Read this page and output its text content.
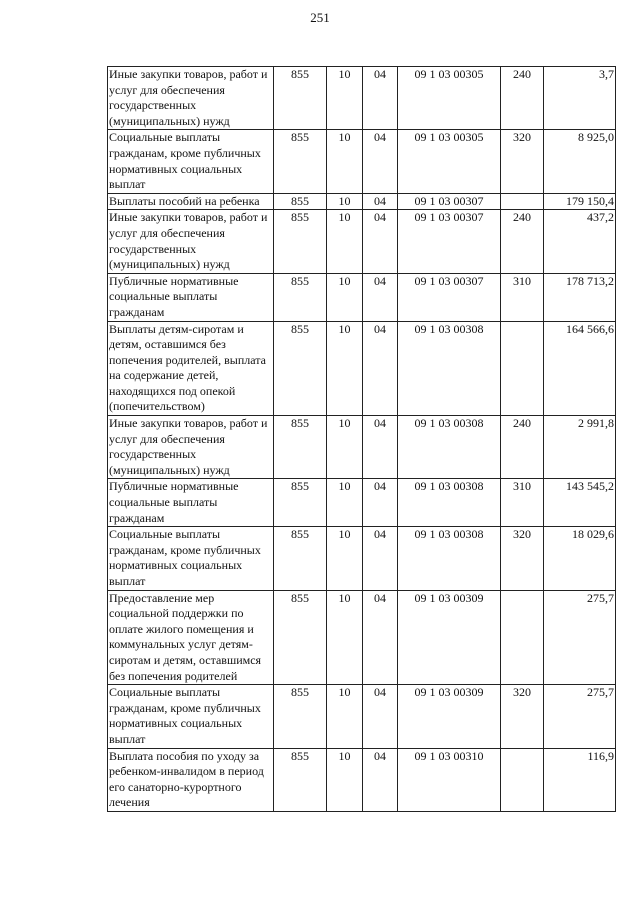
251
Иные закупки товаров, работ и услуг для обеспечения государственных (муниципальных) нужд	855	10	04	09 1 03 00305	240	3,7
Социальные выплаты гражданам, кроме публичных нормативных социальных выплат	855	10	04	09 1 03 00305	320	8 925,0
Выплаты пособий на ребенка	855	10	04	09 1 03 00307		179 150,4
Иные закупки товаров, работ и услуг для обеспечения государственных (муниципальных) нужд	855	10	04	09 1 03 00307	240	437,2
Публичные нормативные социальные выплаты гражданам	855	10	04	09 1 03 00307	310	178 713,2
Выплаты детям-сиротам и детям, оставшимся без попечения родителей, выплата на содержание детей, находящихся под опекой (попечительством)	855	10	04	09 1 03 00308		164 566,6
Иные закупки товаров, работ и услуг для обеспечения государственных (муниципальных) нужд	855	10	04	09 1 03 00308	240	2 991,8
Публичные нормативные социальные выплаты гражданам	855	10	04	09 1 03 00308	310	143 545,2
Социальные выплаты гражданам, кроме публичных нормативных социальных выплат	855	10	04	09 1 03 00308	320	18 029,6
Предоставление мер социальной поддержки по оплате жилого помещения и коммунальных услуг детям-сиротам и детям, оставшимся без попечения родителей	855	10	04	09 1 03 00309		275,7
Социальные выплаты гражданам, кроме публичных нормативных социальных выплат	855	10	04	09 1 03 00309	320	275,7
Выплата пособия по уходу за ребенком-инвалидом в период его санаторно-курортного лечения	855	10	04	09 1 03 00310		116,9
